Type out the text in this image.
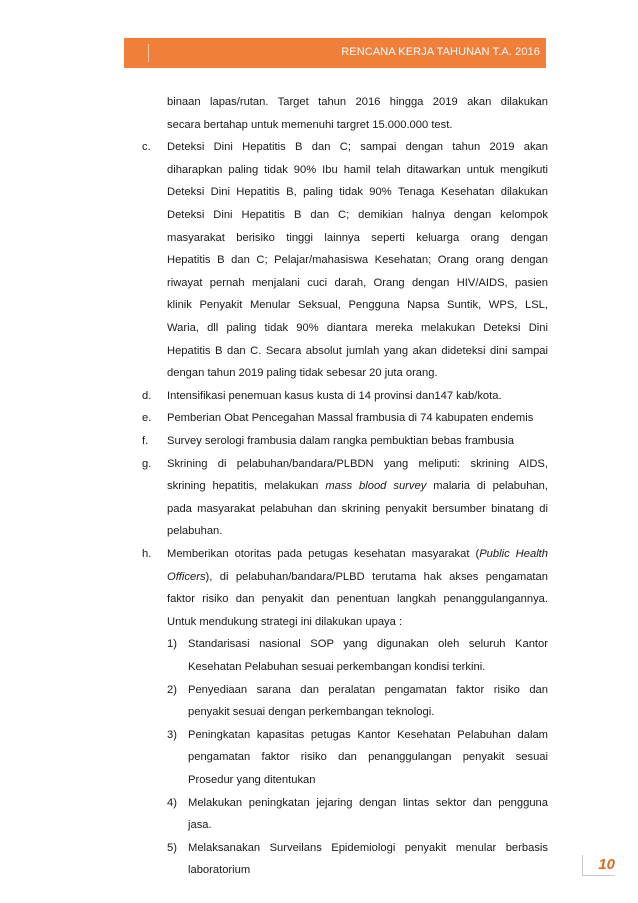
RENCANA KERJA TAHUNAN T.A. 2016
binaan lapas/rutan. Target tahun 2016 hingga 2019 akan dilakukan
secara bertahap untuk memenuhi targret 15.000.000 test.
c. Deteksi Dini Hepatitis B dan C; sampai dengan tahun 2019 akan
diharapkan paling tidak 90% Ibu hamil telah ditawarkan untuk mengikuti
Deteksi Dini Hepatitis B, paling tidak 90% Tenaga Kesehatan dilakukan
Deteksi Dini Hepatitis B dan C; demikian halnya dengan kelompok
masyarakat berisiko tinggi lainnya seperti keluarga orang dengan
Hepatitis B dan C; Pelajar/mahasiswa Kesehatan; Orang orang dengan
riwayat pernah menjalani cuci darah, Orang dengan HIV/AIDS, pasien
klinik Penyakit Menular Seksual, Pengguna Napsa Suntik, WPS, LSL,
Waria, dll paling tidak 90% diantara mereka melakukan Deteksi Dini
Hepatitis B dan C. Secara absolut jumlah yang akan dideteksi dini sampai
dengan tahun 2019 paling tidak sebesar 20 juta orang.
d. Intensifikasi penemuan kasus kusta di 14 provinsi dan147 kab/kota.
e. Pemberian Obat Pencegahan Massal frambusia di 74 kabupaten endemis
f. Survey serologi frambusia dalam rangka pembuktian bebas frambusia
g. Skrining di pelabuhan/bandara/PLBDN yang meliputi: skrining AIDS,
skrining hepatitis, melakukan mass blood survey malaria di pelabuhan,
pada masyarakat pelabuhan dan skrining penyakit bersumber binatang di
pelabuhan.
h. Memberikan otoritas pada petugas kesehatan masyarakat (Public Health
Officers), di pelabuhan/bandara/PLBD terutama hak akses pengamatan
faktor risiko dan penyakit dan penentuan langkah penanggulangannya.
Untuk mendukung strategi ini dilakukan upaya :
1) Standarisasi nasional SOP yang digunakan oleh seluruh Kantor
Kesehatan Pelabuhan sesuai perkembangan kondisi terkini.
2) Penyediaan sarana dan peralatan pengamatan faktor risiko dan
penyakit sesuai dengan perkembangan teknologi.
3) Peningkatan kapasitas petugas Kantor Kesehatan Pelabuhan dalam
pengamatan faktor risiko dan penanggulangan penyakit sesuai
Prosedur yang ditentukan
4) Melakukan peningkatan jejaring dengan lintas sektor dan pengguna
jasa.
5) Melaksanakan Surveilans Epidemiologi penyakit menular berbasis
laboratorium	10
